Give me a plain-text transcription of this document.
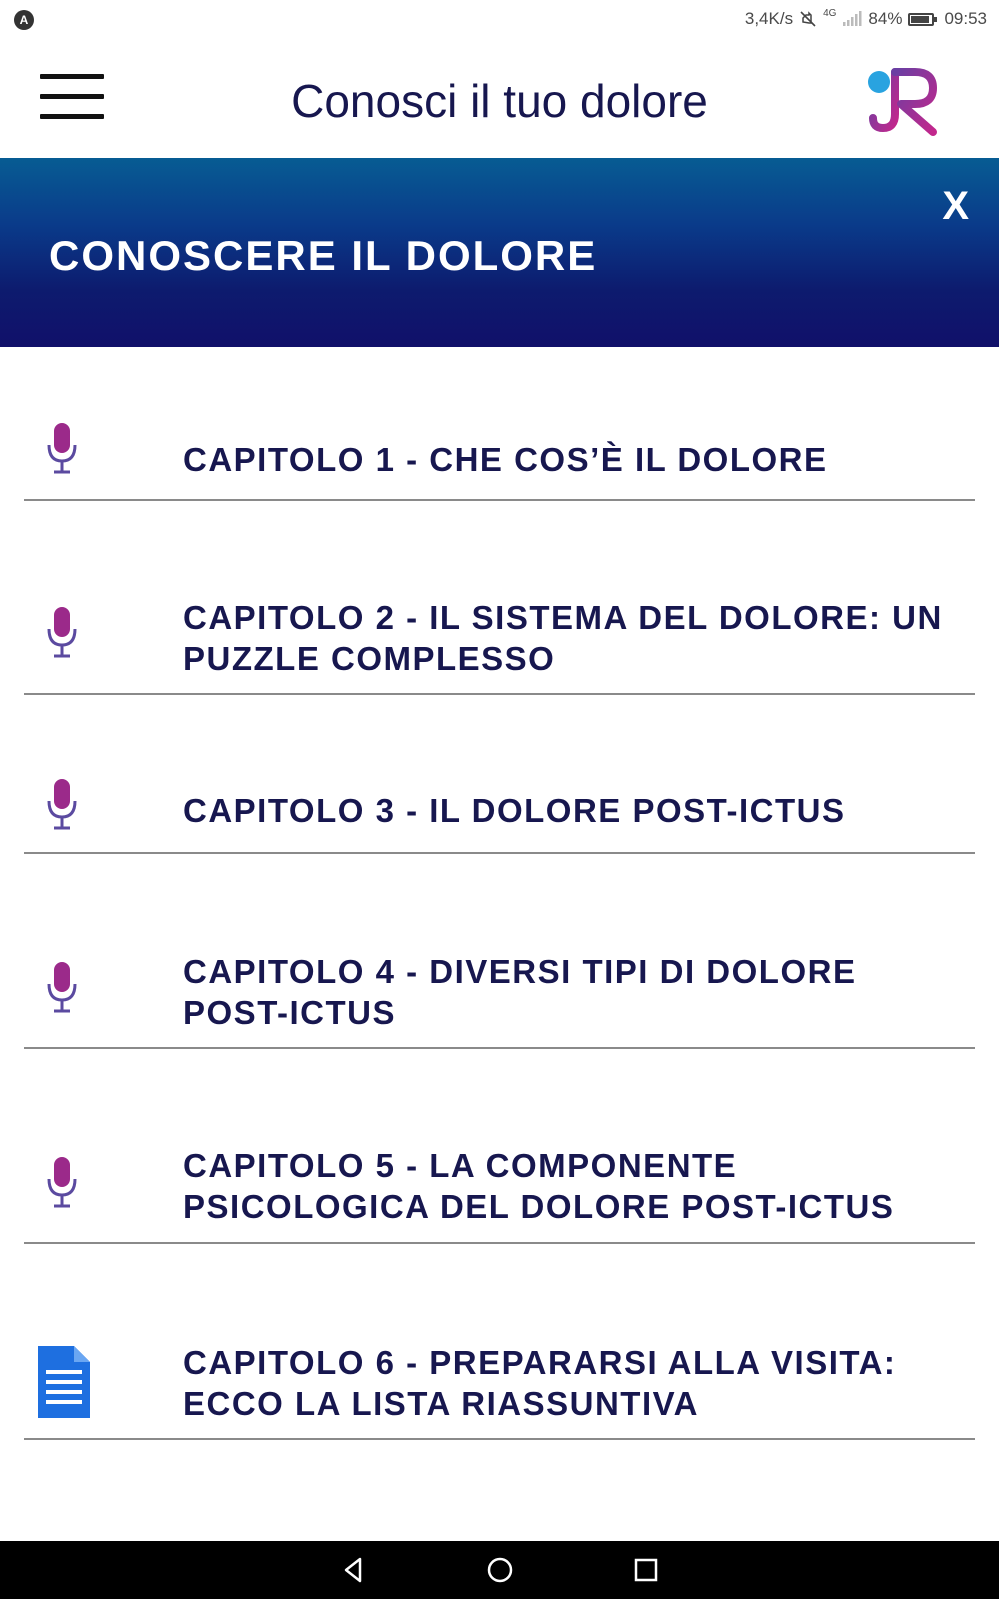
A	3,4K/s	4G 84% 09:53
Conosci il tuo dolore
CONOSCERE IL DOLORE
X
CAPITOLO 1 - CHE COS’È IL DOLORE
CAPITOLO 2 - IL SISTEMA DEL DOLORE: UN PUZZLE COMPLESSO
CAPITOLO 3 - IL DOLORE POST-ICTUS
CAPITOLO 4 - DIVERSI TIPI DI DOLORE POST-ICTUS
CAPITOLO 5 - LA COMPONENTE PSICOLOGICA DEL DOLORE POST-ICTUS
CAPITOLO 6 - PREPARARSI ALLA VISITA: ECCO LA LISTA RIASSUNTIVA
